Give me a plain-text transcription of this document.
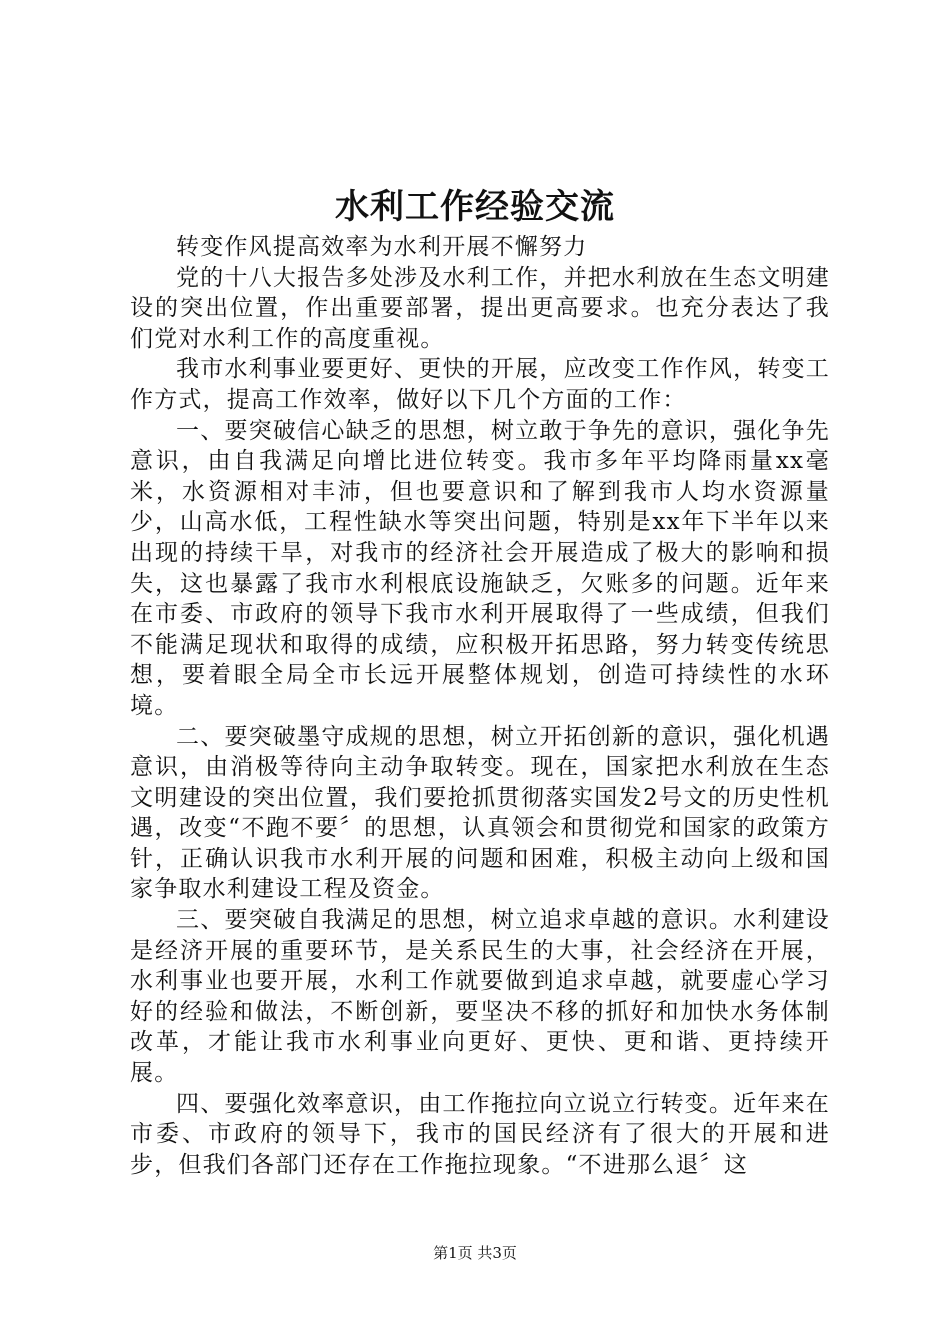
水利工作经验交流

转变作风提高效率为水利开展不懈努力

党的十八大报告多处涉及水利工作，并把水利放在生态文明建设的突出位置，作出重要部署，提出更高要求。也充分表达了我们党对水利工作的高度重视。

我市水利事业要更好、更快的开展，应改变工作作风，转变工作方式，提高工作效率，做好以下几个方面的工作：

一、要突破信心缺乏的思想，树立敢于争先的意识，强化争先意识，由自我满足向增比进位转变。我市多年平均降雨量xx毫米，水资源相对丰沛，但也要意识和了解到我市人均水资源量少，山高水低，工程性缺水等突出问题，特别是xx年下半年以来出现的持续干旱，对我市的经济社会开展造成了极大的影响和损失，这也暴露了我市水利根底设施缺乏，欠账多的问题。近年来在市委、市政府的领导下我市水利开展取得了一些成绩，但我们不能满足现状和取得的成绩，应积极开拓思路，努力转变传统思想，要着眼全局全市长远开展整体规划，创造可持续性的水环境。

二、要突破墨守成规的思想，树立开拓创新的意识，强化机遇意识，由消极等待向主动争取转变。现在，国家把水利放在生态文明建设的突出位置，我们要抢抓贯彻落实国发2号文的历史性机遇，改变“不跑不要〞的思想，认真领会和贯彻党和国家的政策方针，正确认识我市水利开展的问题和困难，积极主动向上级和国家争取水利建设工程及资金。

三、要突破自我满足的思想，树立追求卓越的意识。水利建设是经济开展的重要环节，是关系民生的大事，社会经济在开展，水利事业也要开展，水利工作就要做到追求卓越，就要虚心学习好的经验和做法，不断创新，要坚决不移的抓好和加快水务体制改革，才能让我市水利事业向更好、更快、更和谐、更持续开展。

四、要强化效率意识，由工作拖拉向立说立行转变。近年来在市委、市政府的领导下，我市的国民经济有了很大的开展和进步，但我们各部门还存在工作拖拉现象。“不进那么退〞这

第1页 共3页
